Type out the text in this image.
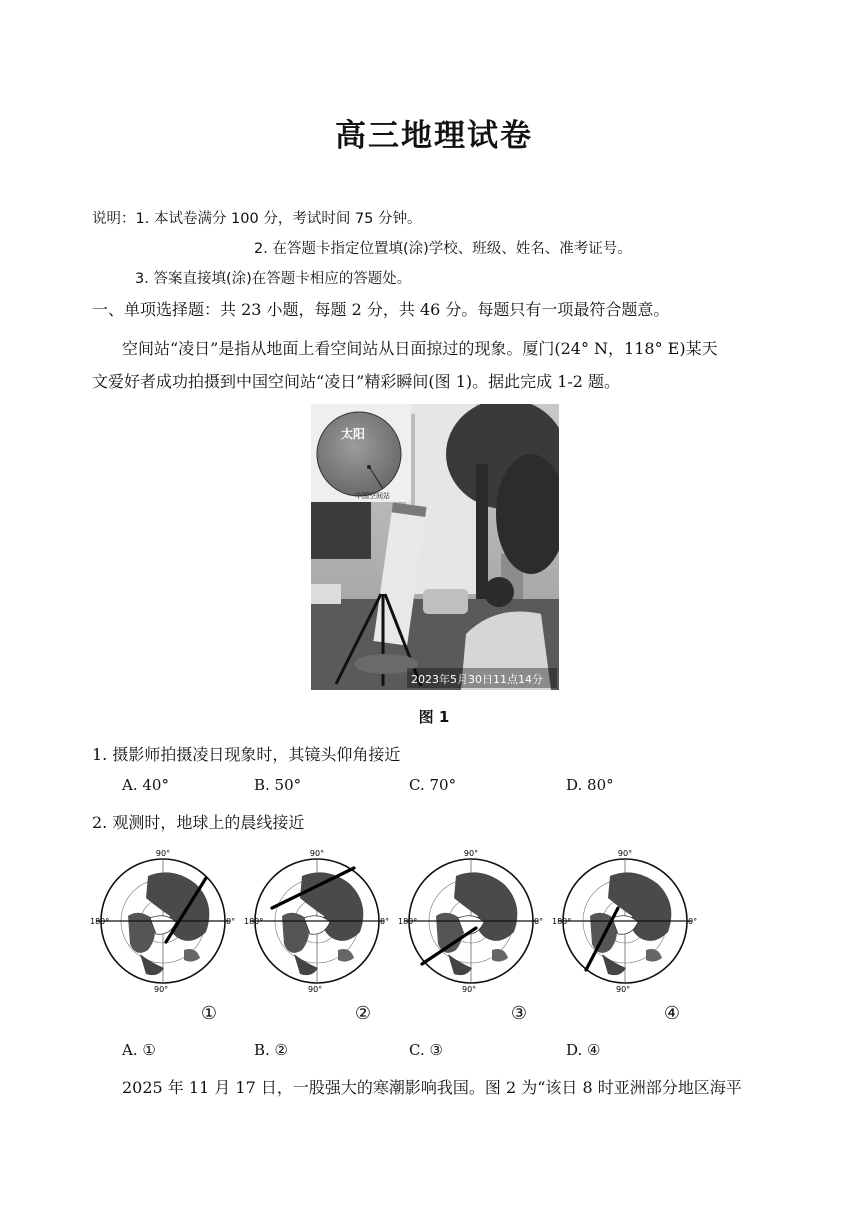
高三地理试卷
说明：1. 本试卷满分 100 分，考试时间 75 分钟。
2. 在答题卡指定位置填(涂)学校、班级、姓名、准考证号。
3. 答案直接填(涂)在答题卡相应的答题处。
一、单项选择题：共 23 小题，每题 2 分，共 46 分。每题只有一项最符合题意。
空间站“凌日”是指从地面上看空间站从日面掠过的现象。厦门(24° N，118° E)某天
文爱好者成功拍摄到中国空间站“凌日”精彩瞬间(图 1)。据此完成 1-2 题。
太阳
中国空间站
2023年5月30日11点14分
图 1
1. 摄影师拍摄凌日现象时，其镜头仰角接近
A. 40°	B. 50°	C. 70°	D. 80°
2. 观测时，地球上的晨线接近
90°
180°	0°
90°
90°
180°	0°
90°
90°
180°	0°
90°
90°
180°	0°
90°
①	②	③	④
A. ①	B. ②	C. ③	D. ④
2025 年 11 月 17 日，一股强大的寒潮影响我国。图 2 为“该日 8 时亚洲部分地区海平
